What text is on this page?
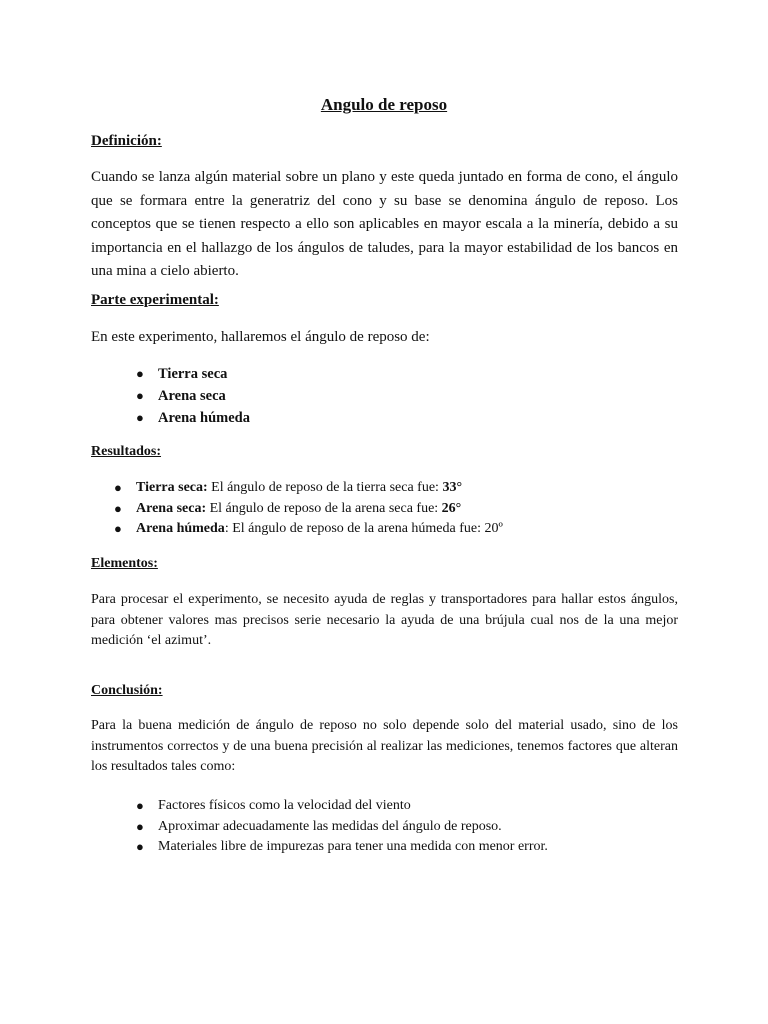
Angulo de reposo
Definición:

Cuando se lanza algún material sobre un plano y este queda juntado en forma de cono, el ángulo que se formara entre la generatriz del cono y su base se denomina ángulo de reposo. Los conceptos que se tienen respecto a ello son aplicables en mayor escala a la minería, debido a su importancia en el hallazgo de los ángulos de taludes, para la mayor estabilidad de los bancos en una mina a cielo abierto.

Parte experimental:

En este experimento, hallaremos el ángulo de reposo de:

● Tierra seca
● Arena seca
● Arena húmeda
Resultados:
● Tierra seca: El ángulo de reposo de la tierra seca fue: 33°
● Arena seca: El ángulo de reposo de la arena seca fue: 26°
● Arena húmeda: El ángulo de reposo de la arena húmeda fue: 20º
Elementos:

Para procesar el experimento, se necesito ayuda de reglas y transportadores para hallar estos ángulos, para obtener valores mas precisos serie necesario la ayuda de una brújula cual nos de la una mejor medición ‘el azimut’.

Conclusión:

Para la buena medición de ángulo de reposo no solo depende solo del material usado, sino de los instrumentos correctos y de una buena precisión al realizar las mediciones, tenemos factores que alteran los resultados tales como:

● Factores físicos como la velocidad del viento
● Aproximar adecuadamente las medidas del ángulo de reposo.
● Materiales libre de impurezas para tener una medida con menor error.
